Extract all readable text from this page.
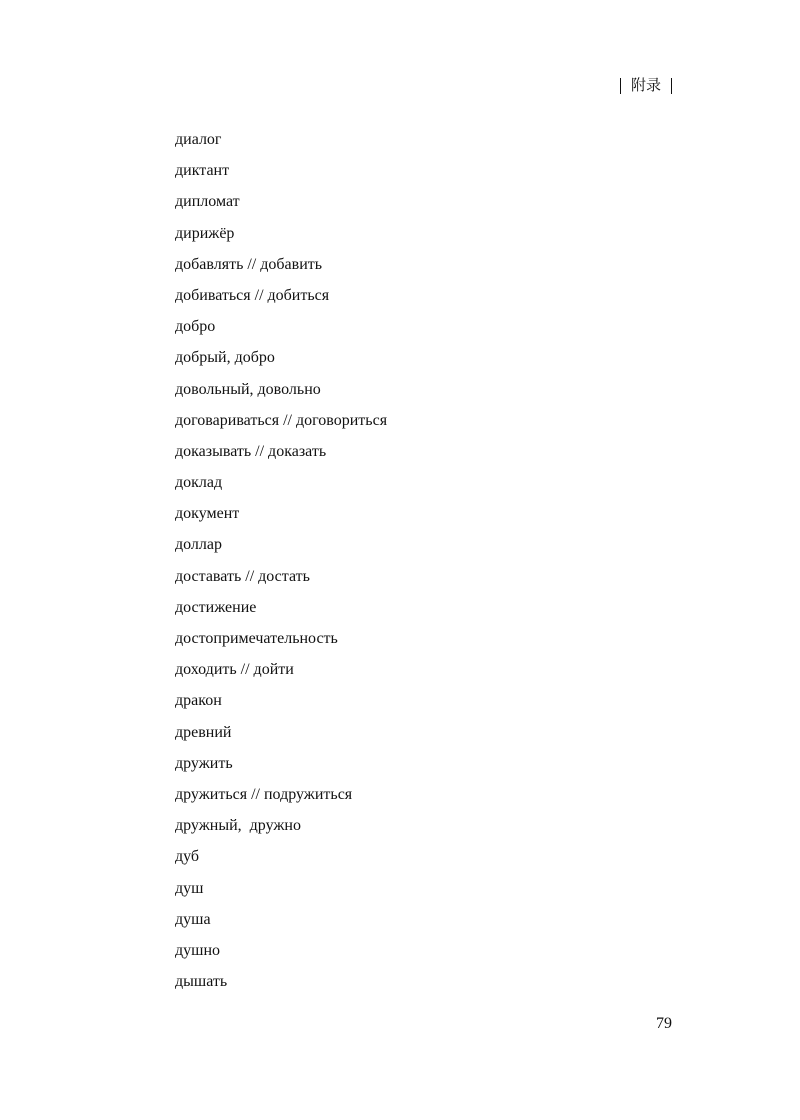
附录
диалог
диктант
дипломат
дирижёр
добавлять // добавить
добиваться // добиться
добро
добрый, добро
довольный, довольно
договариваться // договориться
доказывать // доказать
доклад
документ
доллар
доставать // достать
достижение
достопримечательность
доходить // дойти
дракон
древний
дружить
дружиться // подружиться
дружный,  дружно
дуб
душ
душа
душно
дышать
79
